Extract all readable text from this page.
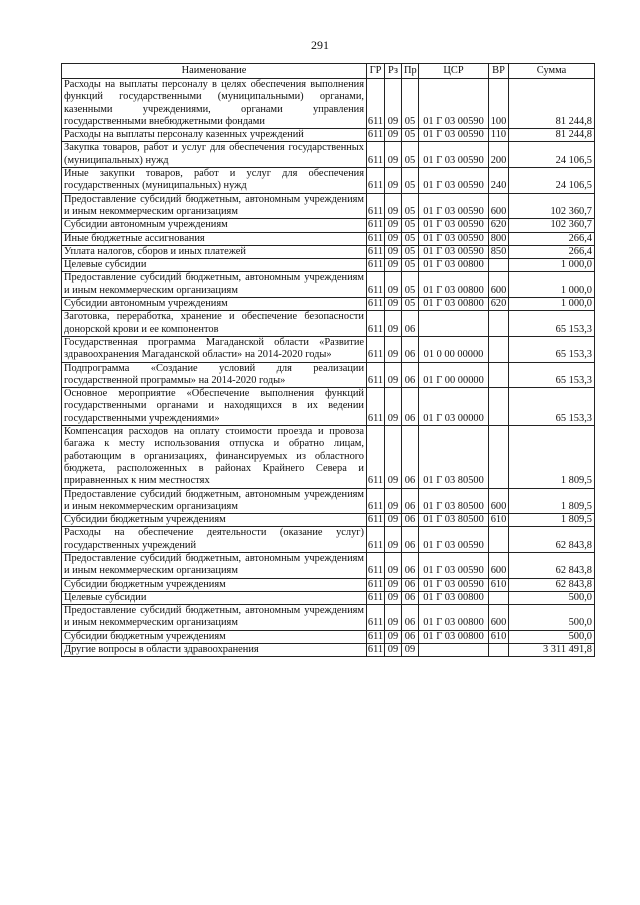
291
Наименование	ГР	Рз	Пр	ЦСР	ВР	Сумма
Расходы на выплаты персоналу в целях обеспечения выполнения функций государственными (муниципальными) органами, казенными учреждениями, органами управления государственными внебюджетными фондами	611	09	05	01 Г 03 00590	100	81 244,8
Расходы на выплаты персоналу казенных учреждений	611	09	05	01 Г 03 00590	110	81 244,8
Закупка товаров, работ и услуг для обеспечения государственных (муниципальных) нужд	611	09	05	01 Г 03 00590	200	24 106,5
Иные закупки товаров, работ и услуг для обеспечения государственных (муниципальных) нужд	611	09	05	01 Г 03 00590	240	24 106,5
Предоставление субсидий бюджетным, автономным учреждениям и иным некоммерческим организациям	611	09	05	01 Г 03 00590	600	102 360,7
Субсидии автономным учреждениям	611	09	05	01 Г 03 00590	620	102 360,7
Иные бюджетные ассигнования	611	09	05	01 Г 03 00590	800	266,4
Уплата налогов, сборов и иных платежей	611	09	05	01 Г 03 00590	850	266,4
Целевые субсидии	611	09	05	01 Г 03 00800		1 000,0
Предоставление субсидий бюджетным, автономным учреждениям и иным некоммерческим организациям	611	09	05	01 Г 03 00800	600	1 000,0
Субсидии автономным учреждениям	611	09	05	01 Г 03 00800	620	1 000,0
Заготовка, переработка, хранение и обеспечение безопасности донорской крови и ее компонентов	611	09	06			65 153,3
Государственная программа Магаданской области «Развитие здравоохранения Магаданской области» на 2014-2020 годы»	611	09	06	01 0 00 00000		65 153,3
Подпрограмма «Создание условий для реализации государственной программы» на 2014-2020 годы»	611	09	06	01 Г 00 00000		65 153,3
Основное мероприятие «Обеспечение выполнения функций государственными органами и находящихся в их ведении государственными учреждениями»	611	09	06	01 Г 03 00000		65 153,3
Компенсация расходов на оплату стоимости проезда и провоза багажа к месту использования отпуска и обратно лицам, работающим в организациях, финансируемых из областного бюджета, расположенных в районах Крайнего Севера и приравненных к ним местностях	611	09	06	01 Г 03 80500		1 809,5
Предоставление субсидий бюджетным, автономным учреждениям и иным некоммерческим организациям	611	09	06	01 Г 03 80500	600	1 809,5
Субсидии бюджетным учреждениям	611	09	06	01 Г 03 80500	610	1 809,5
Расходы на обеспечение деятельности (оказание услуг) государственных учреждений	611	09	06	01 Г 03 00590		62 843,8
Предоставление субсидий бюджетным, автономным учреждениям и иным некоммерческим организациям	611	09	06	01 Г 03 00590	600	62 843,8
Субсидии бюджетным учреждениям	611	09	06	01 Г 03 00590	610	62 843,8
Целевые субсидии	611	09	06	01 Г 03 00800		500,0
Предоставление субсидий бюджетным, автономным учреждениям и иным некоммерческим организациям	611	09	06	01 Г 03 00800	600	500,0
Субсидии бюджетным учреждениям	611	09	06	01 Г 03 00800	610	500,0
Другие вопросы в области здравоохранения	611	09	09			3 311 491,8
